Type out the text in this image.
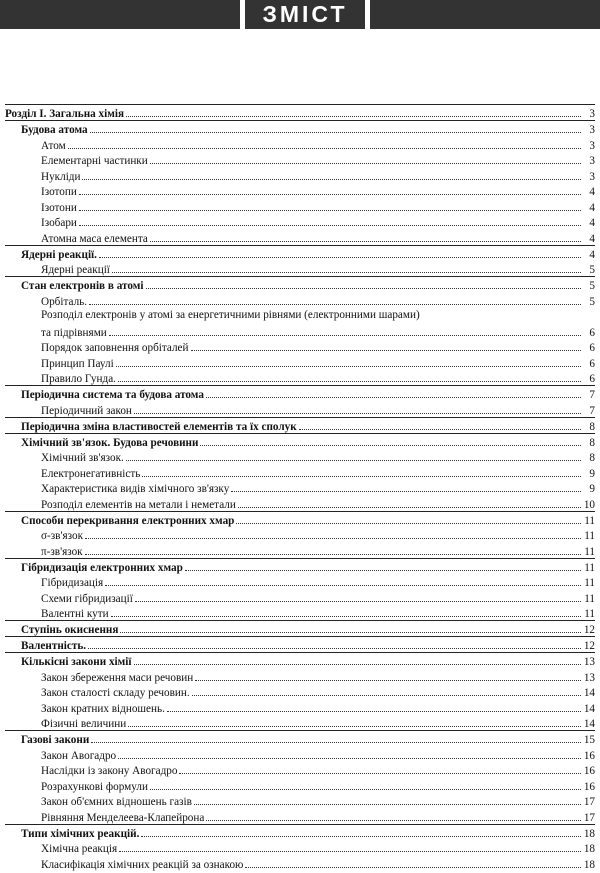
ЗМІСТ
Розділ І. Загальна хімія	3
Будова атома	3
Атом	3
Елементарні частинки	3
Нукліди	3
Ізотопи	4
Ізотони	4
Ізобари	4
Атомна маса елемента	4
Ядерні реакції.	4
Ядерні реакції	5
Стан електронів в атомі	5
Орбіталь.	5
Розподіл електронів у атомі за енергетичними рівнями (електронними шарами)
та підрівнями	6
Порядок заповнення орбіталей	6
Принцип Паулі	6
Правило Гунда.	6
Періодична система та будова атома	7
Періодичний закон	7
Періодична зміна властивостей елементів та їх сполук	8
Хімічний зв'язок. Будова речовини	8
Хімічний зв'язок.	8
Електронегативність	9
Характеристика видів хімічного зв'язку	9
Розподіл елементів на метали і неметали	10
Способи перекривання електронних хмар	11
σ-зв'язок	11
π-зв'язок	11
Гібридизація електронних хмар	11
Гібридизація	11
Схеми гібридизації	11
Валентні кути	11
Ступінь окиснення	12
Валентність.	12
Кількісні закони хімії	13
Закон збереження маси речовин	13
Закон сталості складу речовин.	14
Закон кратних відношень.	14
Фізичні величини	14
Газові закони	15
Закон Авогадро	16
Наслідки із закону Авогадро	16
Розрахункові формули	16
Закон об'ємних відношень газів	17
Рівняння Менделеева-Клапейрона	17
Типи хімічних реакцій.	18
Хімічна реакція	18
Класифікація хімічних реакцій за ознакою	18
